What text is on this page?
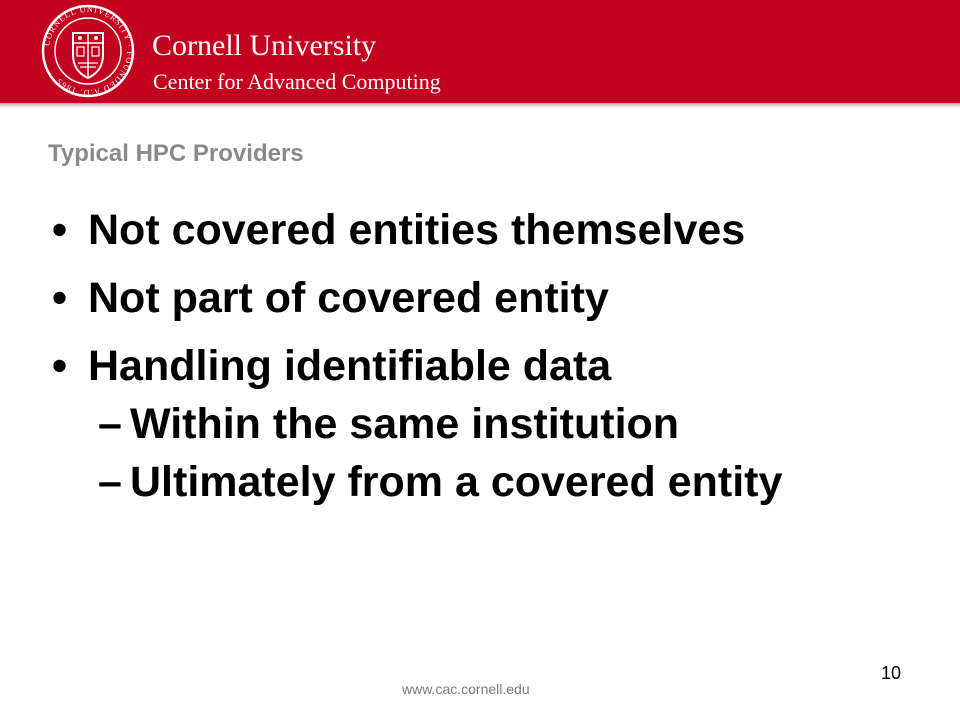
CORNELL UNIVERSITY · FOUNDED A.D. 1865
Cornell University
Center for Advanced Computing
Typical HPC Providers
• Not covered entities themselves
• Not part of covered entity
• Handling identifiable data
– Within the same institution
– Ultimately from a covered entity
www.cac.cornell.edu
10
